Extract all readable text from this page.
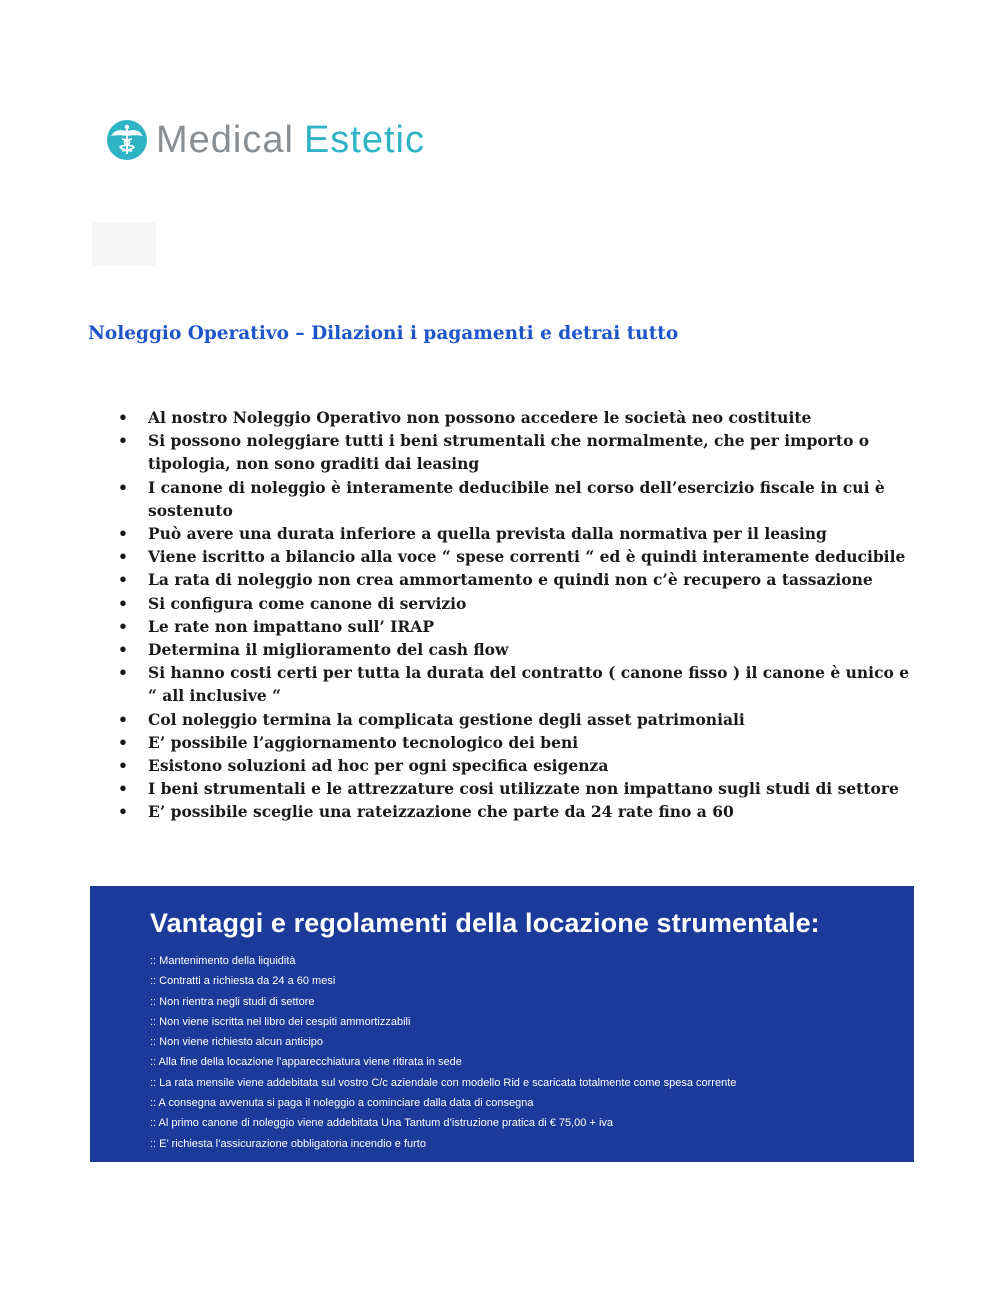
Medical Estetic
Noleggio Operativo – Dilazioni i pagamenti e detrai tutto
• Al nostro Noleggio Operativo non possono accedere le società neo costituite
• Si possono noleggiare tutti i beni strumentali che normalmente, che per importo o tipologia, non sono graditi dai leasing
• I canone di noleggio è interamente deducibile nel corso dell’esercizio fiscale in cui è sostenuto
• Può avere una durata inferiore a quella prevista dalla normativa per il leasing
• Viene iscritto a bilancio alla voce “ spese correnti “ ed è quindi interamente deducibile
• La rata di noleggio non crea ammortamento e quindi non c’è recupero a tassazione
• Si configura come canone di servizio
• Le rate non impattano sull’ IRAP
• Determina il miglioramento del cash flow
• Si hanno costi certi per tutta la durata del contratto ( canone fisso ) il canone è unico e “ all inclusive “
• Col noleggio termina la complicata gestione degli asset patrimoniali
• E’ possibile l’aggiornamento tecnologico dei beni
• Esistono soluzioni ad hoc per ogni specifica esigenza
• I beni strumentali e le attrezzature cosi utilizzate non impattano sugli studi di settore
• E’ possibile sceglie una rateizzazione che parte da 24 rate fino a 60
Vantaggi e regolamenti della locazione strumentale:
:: Mantenimento della liquidità
:: Contratti a richiesta da 24 a 60 mesi
:: Non rientra negli studi di settore
:: Non viene iscritta nel libro dei cespiti ammortizzabili
:: Non viene richiesto alcun anticipo
:: Alla fine della locazione l’apparecchiatura viene ritirata in sede
:: La rata mensile viene addebitata sul vostro C/c aziendale con modello Rid e scaricata totalmente come spesa corrente
:: A consegna avvenuta si paga il noleggio a cominciare dalla data di consegna
:: Al primo canone di noleggio viene addebitata Una Tantum d’istruzione pratica di € 75,00 + iva
:: E’ richiesta l’assicurazione obbligatoria incendio e furto
